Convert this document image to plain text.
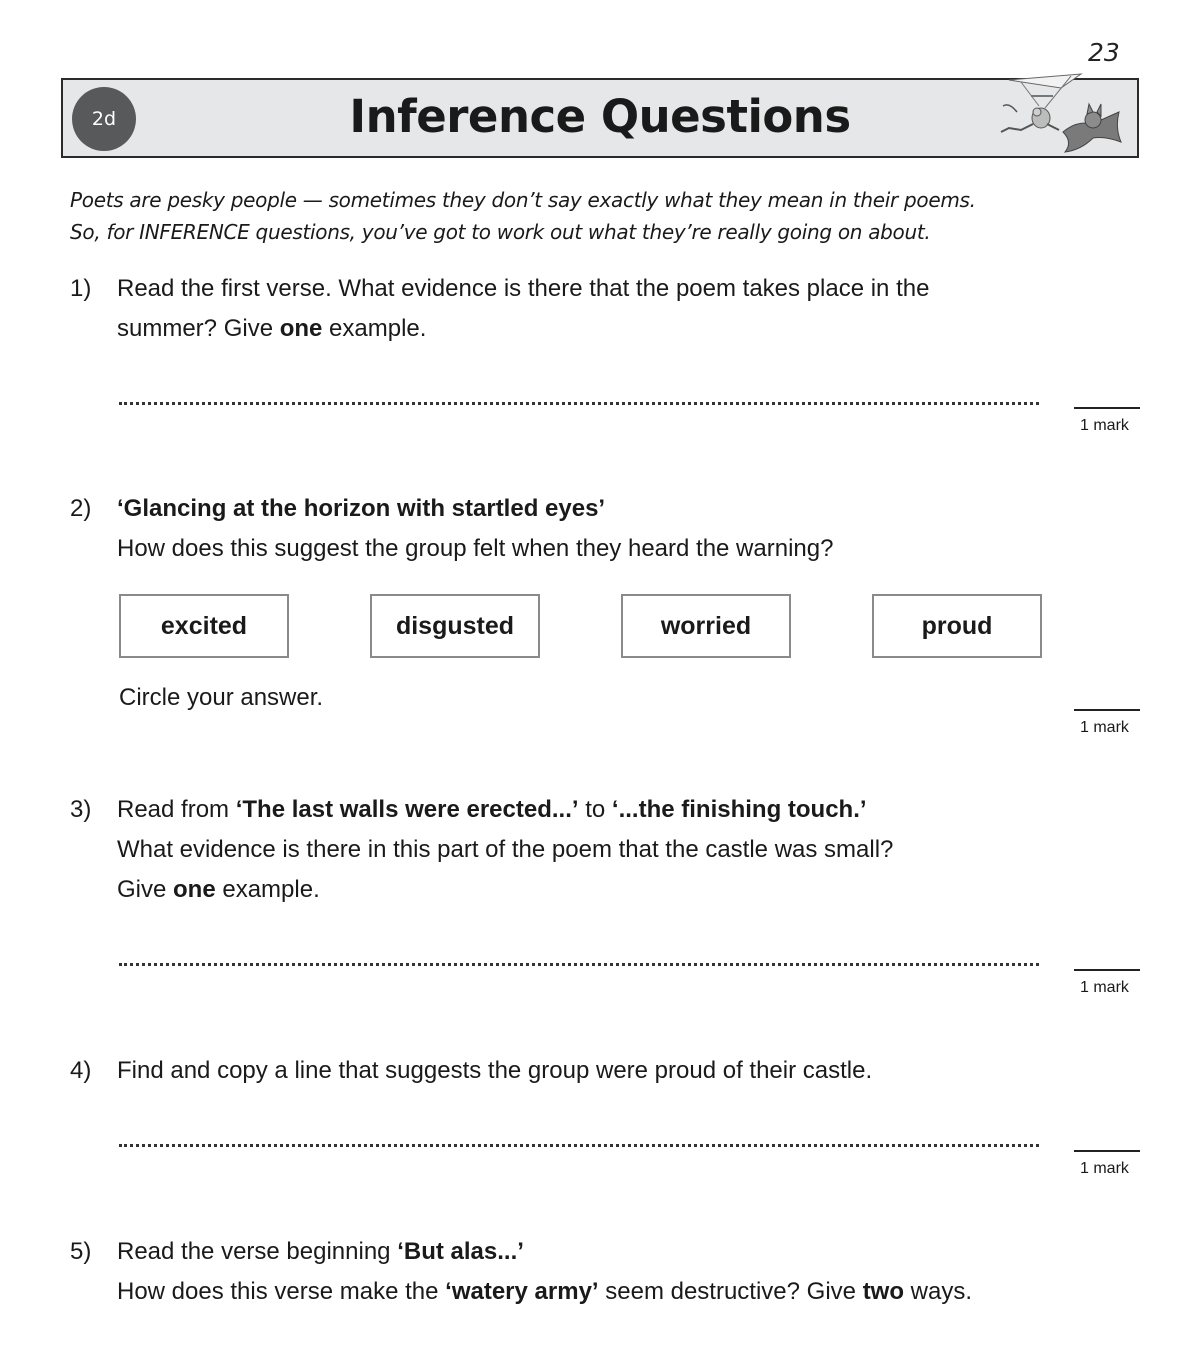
23
2d	Inference Questions

Poets are pesky people — sometimes they don’t say exactly what they mean in their poems.

So, for INFERENCE questions, you’ve got to work out what they’re really going on about.

1) Read the first verse. What evidence is there that the poem takes place in the
summer? Give one example.
1 mark
2) ‘Glancing at the horizon with startled eyes’
How does this suggest the group felt when they heard the warning?
excited	disgusted	worried	proud
Circle your answer.
1 mark
3) Read from ‘The last walls were erected...’ to ‘...the finishing touch.’
What evidence is there in this part of the poem that the castle was small?
Give one example.
1 mark
4) Find and copy a line that suggests the group were proud of their castle.
1 mark
5) Read the verse beginning ‘But alas...’
How does this verse make the ‘watery army’ seem destructive? Give two ways.
